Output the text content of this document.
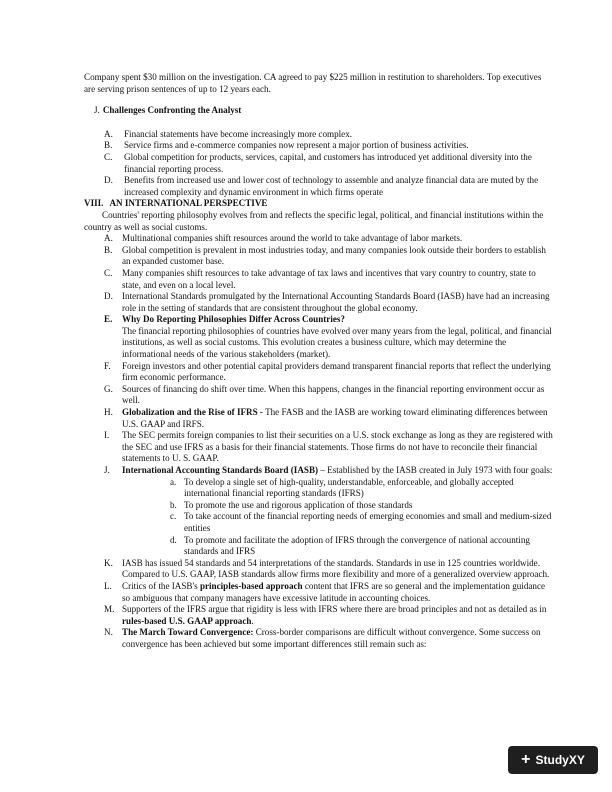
Company spent $30 million on the investigation. CA agreed to pay $225 million in restitution to shareholders. Top executives are serving prison sentences of up to 12 years each.

J. Challenges Confronting the Analyst

A. Financial statements have become increasingly more complex.
B. Service firms and e-commerce companies now represent a major portion of business activities.
C. Global competition for products, services, capital, and customers has introduced yet additional diversity into the financial reporting process.
D. Benefits from increased use and lower cost of technology to assemble and analyze financial data are muted by the increased complexity and dynamic environment in which firms operate

VIII. AN INTERNATIONAL PERSPECTIVE

Countries' reporting philosophy evolves from and reflects the specific legal, political, and financial institutions within the country as well as social customs.

A. Multinational companies shift resources around the world to take advantage of labor markets.
B. Global competition is prevalent in most industries today, and many companies look outside their borders to establish an expanded customer base.
C. Many companies shift resources to take advantage of tax laws and incentives that vary country to country, state to state, and even on a local level.
D. International Standards promulgated by the International Accounting Standards Board (IASB) have had an increasing role in the setting of standards that are consistent throughout the global economy.
E. Why Do Reporting Philosophies Differ Across Countries?
The financial reporting philosophies of countries have evolved over many years from the legal, political, and financial institutions, as well as social customs. This evolution creates a business culture, which may determine the informational needs of the various stakeholders (market).
F. Foreign investors and other potential capital providers demand transparent financial reports that reflect the underlying firm economic performance.
G. Sources of financing do shift over time. When this happens, changes in the financial reporting environment occur as well.
H. Globalization and the Rise of IFRS - The FASB and the IASB are working toward eliminating differences between U.S. GAAP and IRFS.
I. The SEC permits foreign companies to list their securities on a U.S. stock exchange as long as they are registered with the SEC and use IFRS as a basis for their financial statements. Those firms do not have to reconcile their financial statements to U. S. GAAP.
J. International Accounting Standards Board (IASB) – Established by the IASB created in July 1973 with four goals:
a. To develop a single set of high-quality, understandable, enforceable, and globally accepted international financial reporting standards (IFRS)
b. To promote the use and rigorous application of those standards
c. To take account of the financial reporting needs of emerging economies and small and medium-sized entities
d. To promote and facilitate the adoption of IFRS through the convergence of national accounting standards and IFRS
K. IASB has issued 54 standards and 54 interpretations of the standards. Standards in use in 125 countries worldwide. Compared to U.S. GAAP, IASB standards allow firms more flexibility and more of a generalized overview approach.
L. Critics of the IASB's principles-based approach content that IFRS are so general and the implementation guidance so ambiguous that company managers have excessive latitude in accounting choices.
M. Supporters of the IFRS argue that rigidity is less with IFRS where there are broad principles and not as detailed as in rules-based U.S. GAAP approach.
N. The March Toward Convergence: Cross-border comparisons are difficult without convergence. Some success on convergence has been achieved but some important differences still remain such as:
+ Study XY
